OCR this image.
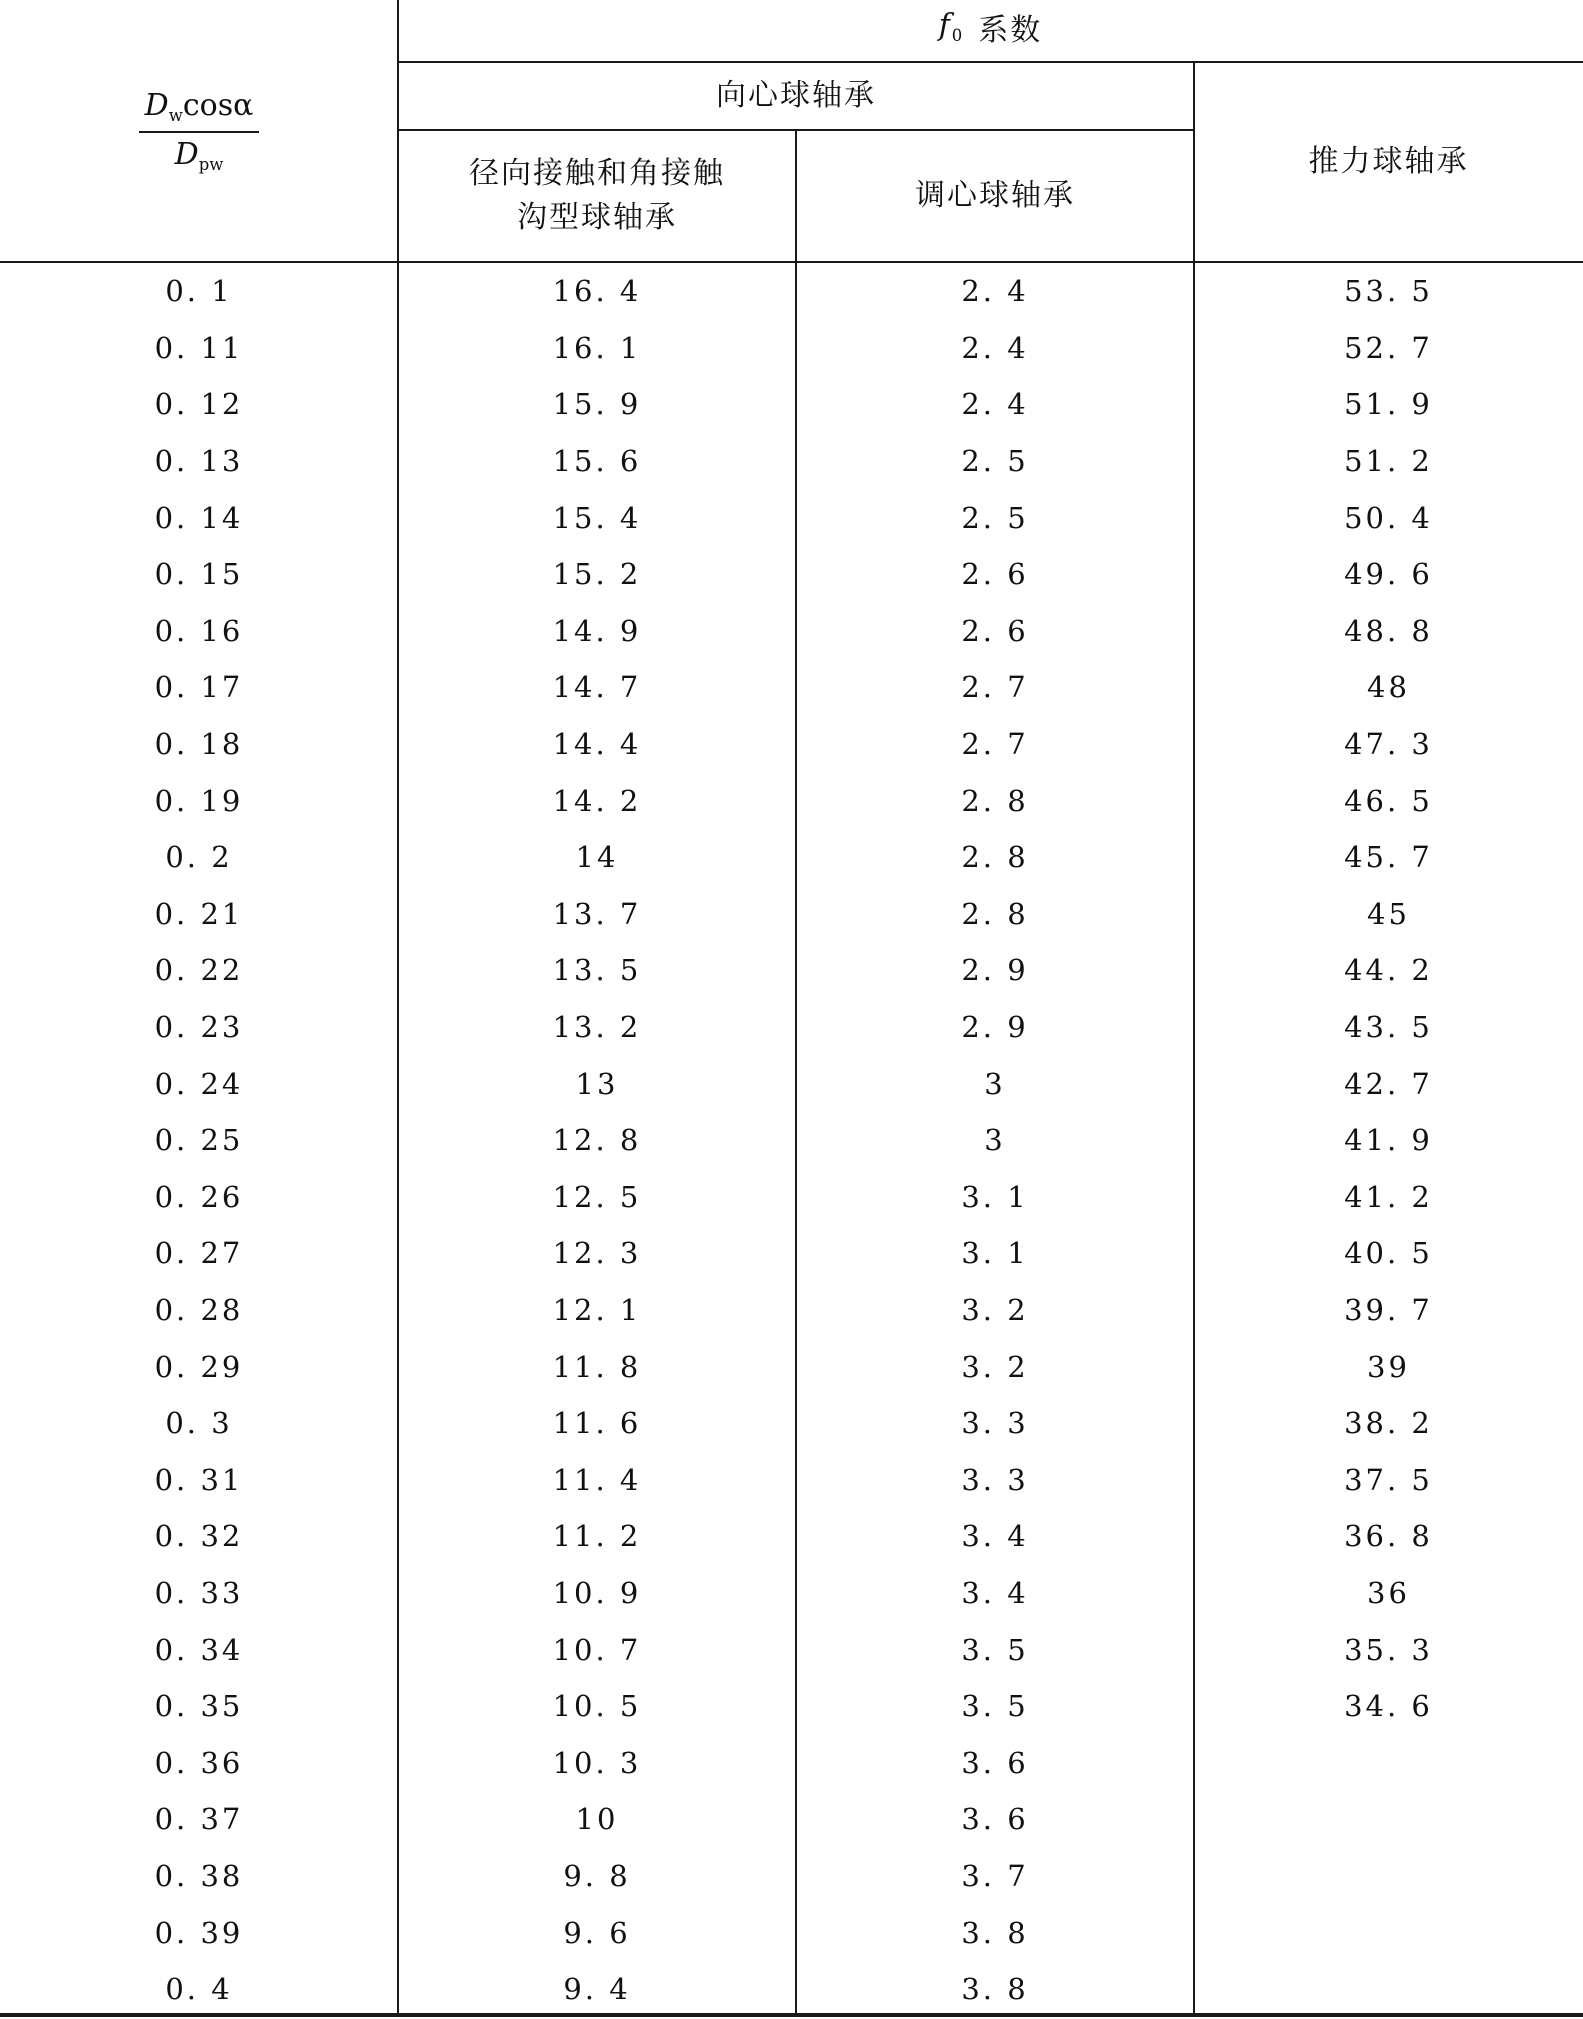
$\frac{D_w\cos\alpha}{D_{pw}}$
$f_0$ 系数
向心球轴承
径向接触和角接触
沟型球轴承
调心球轴承
推力球轴承
0. 1	16. 4	2. 4	53. 5
0. 11	16. 1	2. 4	52. 7
0. 12	15. 9	2. 4	51. 9
0. 13	15. 6	2. 5	51. 2
0. 14	15. 4	2. 5	50. 4
0. 15	15. 2	2. 6	49. 6
0. 16	14. 9	2. 6	48. 8
0. 17	14. 7	2. 7	48
0. 18	14. 4	2. 7	47. 3
0. 19	14. 2	2. 8	46. 5
0. 2	14	2. 8	45. 7
0. 21	13. 7	2. 8	45
0. 22	13. 5	2. 9	44. 2
0. 23	13. 2	2. 9	43. 5
0. 24	13	3	42. 7
0. 25	12. 8	3	41. 9
0. 26	12. 5	3. 1	41. 2
0. 27	12. 3	3. 1	40. 5
0. 28	12. 1	3. 2	39. 7
0. 29	11. 8	3. 2	39
0. 3	11. 6	3. 3	38. 2
0. 31	11. 4	3. 3	37. 5
0. 32	11. 2	3. 4	36. 8
0. 33	10. 9	3. 4	36
0. 34	10. 7	3. 5	35. 3
0. 35	10. 5	3. 5	34. 6
0. 36	10. 3	3. 6
0. 37	10	3. 6
0. 38	9. 8	3. 7
0. 39	9. 6	3. 8
0. 4	9. 4	3. 8
